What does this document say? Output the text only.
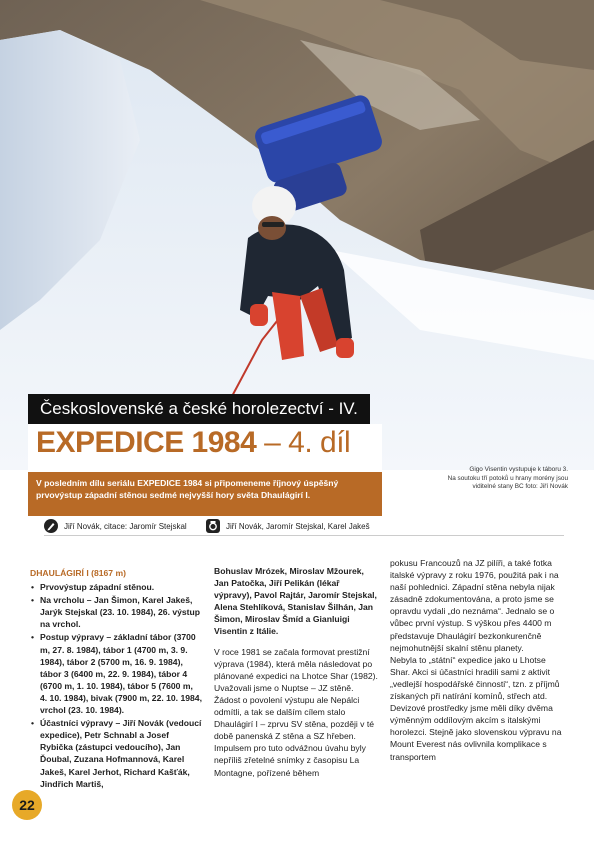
Československé a české horolezectví - IV.
EXPEDICE 1984 – 4. díl
V posledním dílu seriálu EXPEDICE 1984 si připomeneme říjnový úspěšný prvovýstup západní stěnou sedmé nejvyšší hory světa Dhaulágirí I.
Gigo Visentin vystupuje k táboru 3.
Na soutoku tří potoků u hrany morény jsou
viditelné stany BC foto: Jiří Novák
Jiří Novák, citace: Jaromír Stejskal	Jiří Novák, Jaromír Stejskal, Karel Jakeš
DHAULÁGIRÍ I (8167 m)
• Prvovýstup západní stěnou.
• Na vrcholu – Jan Šimon, Karel Jakeš, Jarýk Stejskal (23. 10. 1984), 26. výstup na vrchol.
• Postup výpravy – základní tábor (3700 m, 27. 8. 1984), tábor 1 (4700 m, 3. 9. 1984), tábor 2 (5700 m, 16. 9. 1984), tábor 3 (6400 m, 22. 9. 1984), tábor 4 (6700 m, 1. 10. 1984), tábor 5 (7600 m, 4. 10. 1984), bivak (7900 m, 22. 10. 1984, vrchol (23. 10. 1984).
• Účastníci výpravy – Jiří Novák (vedoucí expedice), Petr Schnabl a Josef Rybička (zástupci vedoucího), Jan Ďoubal, Zuzana Hofmannová, Karel Jakeš, Karel Jerhot, Richard Kašťák, Jindřich Martiš,

Bohuslav Mrózek, Miroslav Mžourek, Jan Patočka, Jiří Pelikán (lékař výpravy), Pavol Rajtár, Jaromír Stejskal, Alena Stehlíková, Stanislav Šilhán, Jan Šimon, Miroslav Šmíd a Gianluigi Visentin z Itálie.

V roce 1981 se začala formovat prestižní výprava (1984), která měla následovat po plánované expedici na Lhotce Shar (1982). Uvažovali jsme o Nuptse – JZ stěně. Žádost o povolení výstupu ale Nepálci odmítli, a tak se dalším cílem stalo Dhaulágirí I – zprvu SV stěna, později v té době panenská Z stěna a SZ hřeben. Impulsem pro tuto odvážnou úvahu byly nepříliš zřetelné snímky z časopisu La Montagne, pořízené během

pokusu Francouzů na JZ pilíři, a také fotka italské výpravy z roku 1976, použitá pak i na naší pohlednici. Západní stěna nebyla nijak zásadně zdokumentována, a proto jsme se opravdu vydali „do neznáma“. Jednalo se o vůbec první výstup. S výškou přes 4400 m představuje Dhaulágirí bezkonkurenčně nejmohutnější skalní stěnu planety.

Nebyla to „státní“ expedice jako u Lhotse Shar. Akci si účastníci hradili sami z aktivit „vedlejší hospodářské činnosti“, tzn. z příjmů získaných při natírání komínů, střech atd. Devizové prostředky jsme měli díky dvěma výměnným oddílovým akcím s italskými horolezci. Stejně jako slovenskou výpravu na Mount Everest nás ovlivnila komplikace s transportem

22
